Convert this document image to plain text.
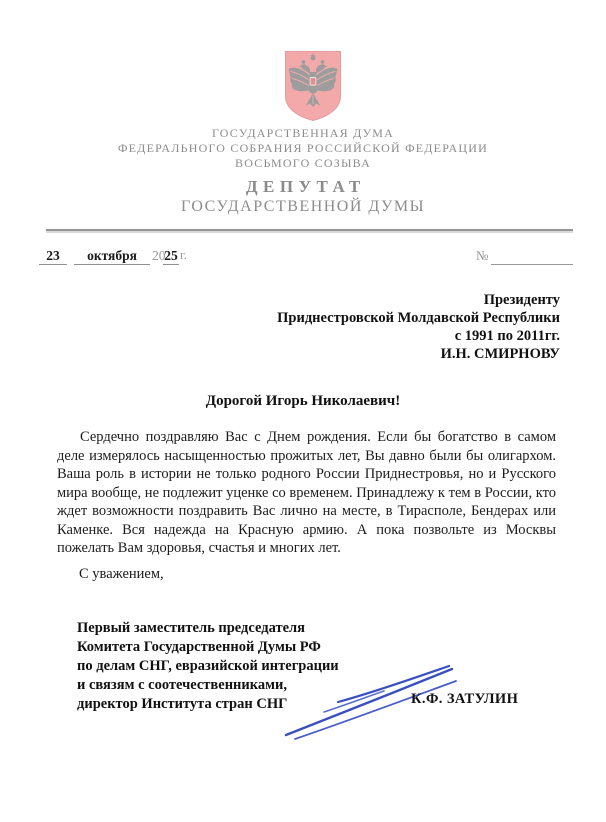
ГОСУДАРСТВЕННАЯ ДУМА
ФЕДЕРАЛЬНОГО СОБРАНИЯ РОССИЙСКОЙ ФЕДЕРАЦИИ
ВОСЬМОГО СОЗЫВА
ДЕПУТАТ
ГОСУДАРСТВЕННОЙ ДУМЫ
23	октября	20
25 г.	№
Президенту
Приднестровской Молдавской Республики
с 1991 по 2011гг.
И.Н. СМИРНОВУ
Дорогой Игорь Николаевич!
Сердечно поздравляю Вас с Днем рождения. Если бы богатство в самом деле измерялось насыщенностью прожитых лет, Вы давно были бы олигархом. Ваша роль в истории не только родного России Приднестровья, но и Русского мира вообще, не подлежит уценке со временем. Принадлежу к тем в России, кто ждет возможности поздравить Вас лично на месте, в Тирасполе, Бендерах или Каменке. Вся надежда на Красную армию. А пока позвольте из Москвы пожелать Вам здоровья, счастья и многих лет.
С уважением,
Первый заместитель председателя
Комитета Государственной Думы РФ
по делам СНГ, евразийской интеграции
и связям с соотечественниками,
директор Института стран СНГ	К.Ф. ЗАТУЛИН
